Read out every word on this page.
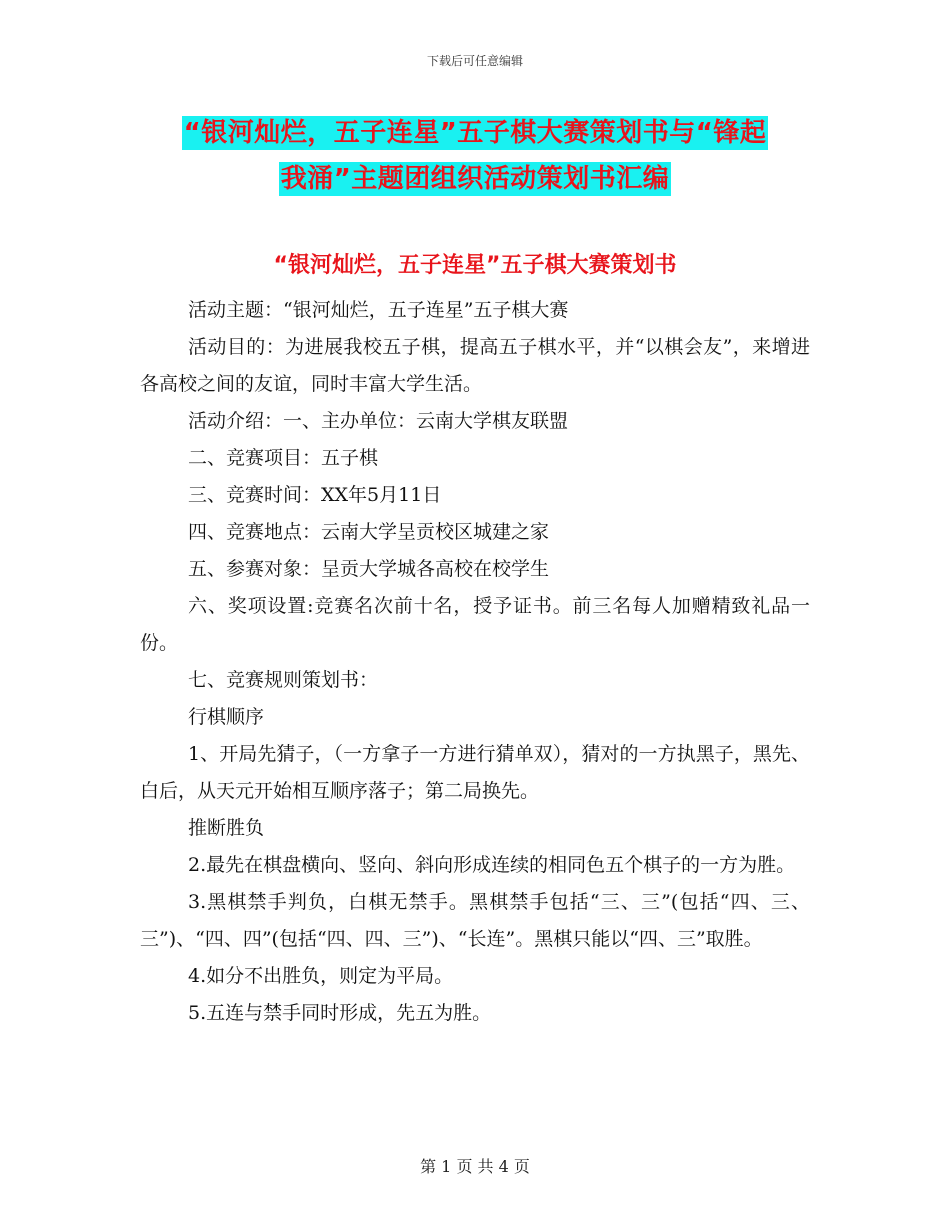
下载后可任意编辑
“银河灿烂，五子连星”五子棋大赛策划书与“锋起
我涌”主题团组织活动策划书汇编
“银河灿烂，五子连星”五子棋大赛策划书

活动主题：“银河灿烂，五子连星”五子棋大赛

活动目的：为进展我校五子棋，提高五子棋水平，并“以棋会友”，来增进各高校之间的友谊，同时丰富大学生活。

活动介绍：一、主办单位：云南大学棋友联盟

二、竞赛项目：五子棋

三、竞赛时间：XX年5月11日

四、竞赛地点：云南大学呈贡校区城建之家

五、参赛对象：呈贡大学城各高校在校学生

六、奖项设置:竞赛名次前十名，授予证书。前三名每人加赠精致礼品一份。

七、竞赛规则策划书：

行棋顺序

1、开局先猜子，（一方拿子一方进行猜单双），猜对的一方执黑子，黑先、白后，从天元开始相互顺序落子；第二局换先。

推断胜负

2.最先在棋盘横向、竖向、斜向形成连续的相同色五个棋子的一方为胜。

3.黑棋禁手判负，白棋无禁手。黑棋禁手包括“三、三”(包括“四、三、三”)、“四、四”(包括“四、四、三”)、“长连”。黑棋只能以“四、三”取胜。

4.如分不出胜负，则定为平局。

5.五连与禁手同时形成，先五为胜。

第 1 页 共 4 页
